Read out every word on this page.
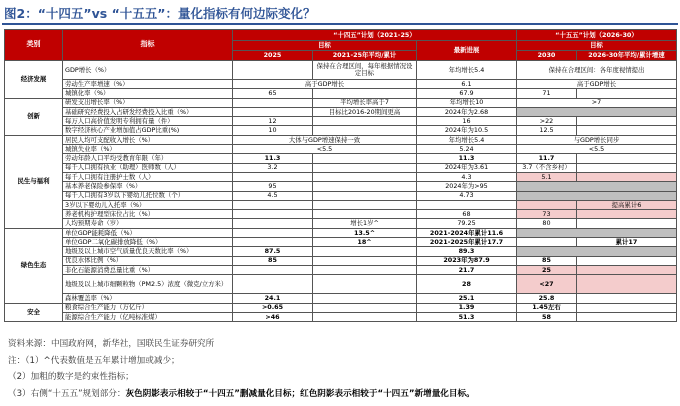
图2：“十四五”vs “十五五”：量化指标有何边际变化？
类别	指标	“十四五”计划（2021-25）			“十五五”计划（2026-30）	
		目标		最新进展	目标	
		2025	2021-25年平均/累计		2030	2026-30年平均/累计增速
经济发展	GDP增长（%）		保持在合理区间，每年根据情况设定目标	年均增长5.4	保持在合理区间：各年度视情提出	
	劳动生产率增速（%）	高于GDP增长		6.1	高于GDP增长	
	城镇化率（%）	65		67.9	71	
创新	研发支出增长率（%）		平均增长率高于7	年均增长10	>7	
	基础研究经费投入占研发经费投入比重（%）		目标比2016-20期间更高	2024年为2.68		
	每万人口高价值发明专利拥有量（件）	12		16	>22	
	数字经济核心产业增加值占GDP比重(%)	10		2024年为10.5	12.5	
民生与福利	居民人均可支配收入增长（%）	大体与GDP增速保持一致		年均增长5.4	与GDP增长同步	
	城镇失业率（%）	<5.5		5.24	<5.5	
	劳动年龄人口平均受教育年限（年）	11.3		11.3	11.7	
	每千人口拥有执业（助理）医师数（人）	3.2		2024年为3.61	3.7（不含乡村）	
	每千人口拥有注册护士数（人）			4.3	5.1	
	基本养老保险参保率（%）	95		2024年为>95		
	每千人口拥有3岁以下婴幼儿托位数（个）	4.5		4.73		
	3岁以下婴幼儿入托率（%）					提高累计6
	养老机构护理型床位占比（%）			68	73	
	人均预期寿命（岁）		增长1岁^	79.25	80	
绿色生态	单位GDP能耗降低（%）		13.5^	2021-2024年累计11.6		
	单位GDP二氧化碳排放降低（%）		18^	2021-2025年累计17.7		累计17
	地级及以上城市空气质量优良天数比率（%）	87.5		89.3		
	优良水体比例（%）	85		2023年为87.9	85	
	非化石能源消费总量比重（%）			21.7	25	
	地级及以上城市细颗粒物（PM2.5）浓度（微克/立方米）			28	<27	
	森林覆盖率（%）	24.1		25.1	25.8	
安全	粮食综合生产能力（万亿斤）	>0.65		1.39	1.45左右	
	能源综合生产能力（亿吨标准煤）	>46		51.3	58	
资料来源：中国政府网，新华社，国联民生证券研究所
注：（1）^代表数值是五年累计增加或减少；
（2）加粗的数字是约束性指标；
（3）右侧“十五五”规划部分：灰色阴影表示相较于“十四五”删减量化目标；红色阴影表示相较于“十四五”新增量化目标。
